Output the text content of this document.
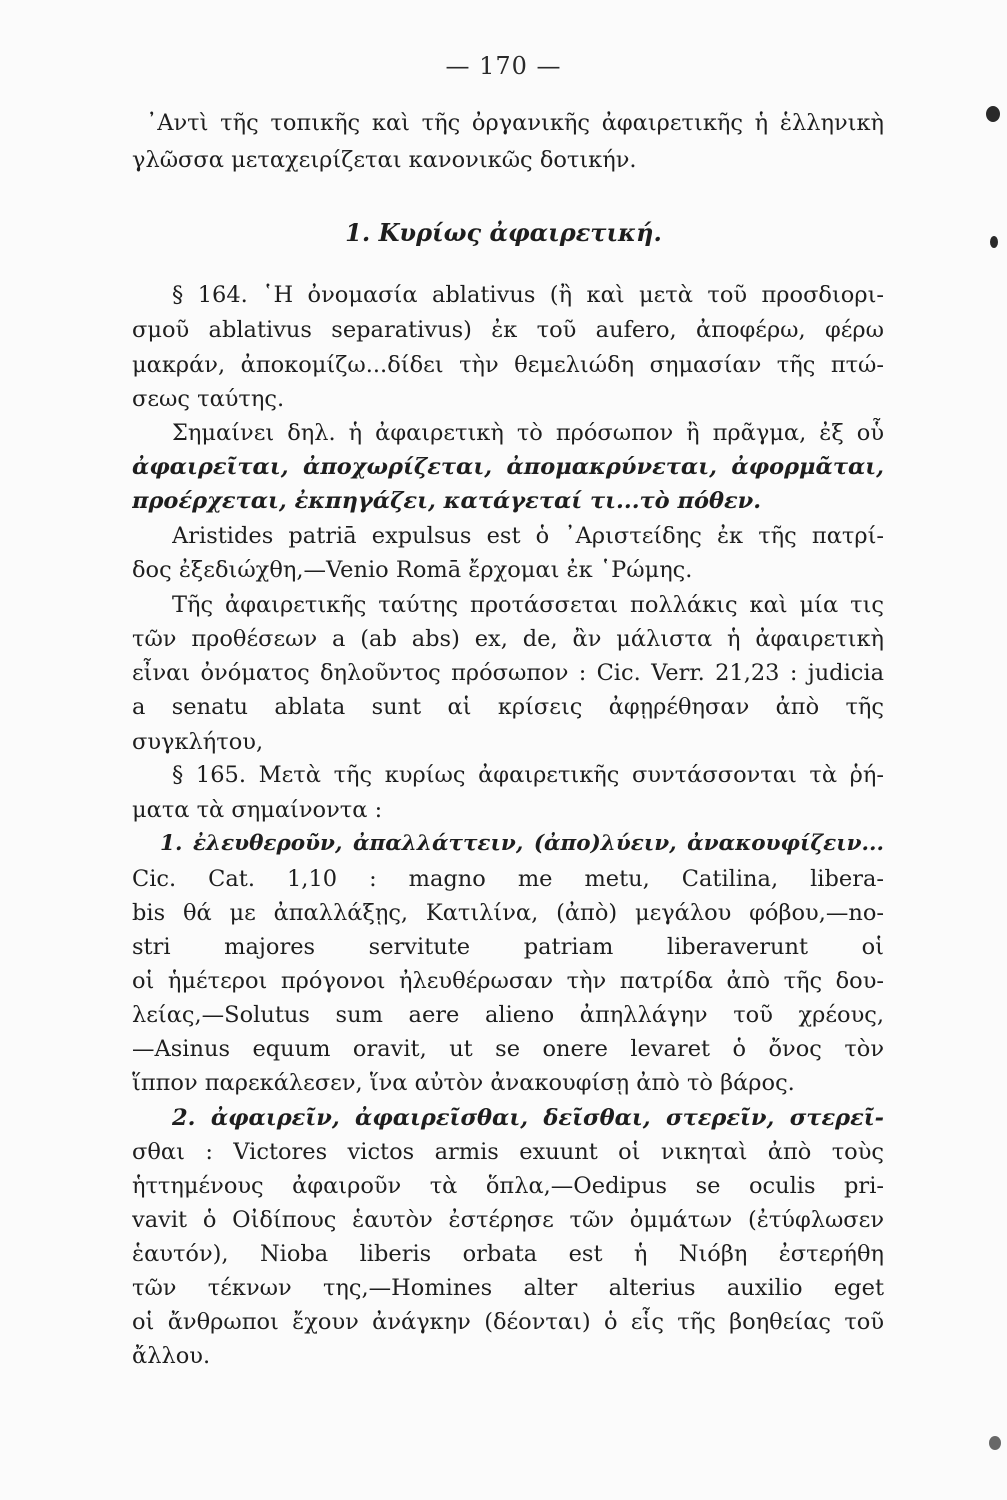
— 170 —
᾿Αντὶ τῆς τοπικῆς καὶ τῆς ὀργανικῆς ἀφαιρετικῆς ἡ ἑλληνικὴ
γλῶσσα μεταχειρίζεται κανονικῶς δοτικήν.
1. Κυρίως ἀφαιρετική.
§ 164. ῾Η ὀνομασία ablativus (ἢ καὶ μετὰ τοῦ προσδιορι-
σμοῦ ablativus separativus) ἐκ τοῦ aufero, ἀποφέρω, φέρω
μακράν, ἀποκομίζω...δίδει τὴν θεμελιώδη σημασίαν τῆς πτώ-
σεως ταύτης.
Σημαίνει δηλ. ἡ ἀφαιρετικὴ τὸ πρόσωπον ἢ πρᾶγμα, ἐξ οὗ
ἀφαιρεῖται, ἀποχωρίζεται, ἀπομακρύνεται, ἀφορμᾶται,
προέρχεται, ἐκπηγάζει, κατάγεταί τι...τὸ πόθεν.
Aristides patriā expulsus est ὁ ᾿Αριστείδης ἐκ τῆς πατρί-
δος ἐξεδιώχθη,—Venio Romā ἔρχομαι ἐκ ῾Ρώμης.
Τῆς ἀφαιρετικῆς ταύτης προτάσσεται πολλάκις καὶ μία τις
τῶν προθέσεων a (ab abs) ex, de, ἂν μάλιστα ἡ ἀφαιρετικὴ
εἶναι ὀνόματος δηλοῦντος πρόσωπον : Cic. Verr. 21,23 : judicia
a senatu ablata sunt αἱ κρίσεις ἀφῃρέθησαν ἀπὸ τῆς
συγκλήτου,
§ 165. Μετὰ τῆς κυρίως ἀφαιρετικῆς συντάσσονται τὰ ῥή-
ματα τὰ σημαίνοντα :
1. ἐλευθεροῦν, ἀπαλλάττειν, (ἀπο)λύειν, ἀνακουφίζειν...
Cic. Cat. 1,10 : magno me metu, Catilina, libera-
bis θά με ἀπαλλάξῃς, Κατιλίνα, (ἀπὸ) μεγάλου φόβου,—no-
stri majores servitute patriam liberaverunt οἱ
οἱ ἡμέτεροι πρόγονοι ἠλευθέρωσαν τὴν πατρίδα ἀπὸ τῆς δου-
λείας,—Solutus sum aere alieno ἀπηλλάγην τοῦ χρέους,
—Asinus equum oravit, ut se onere levaret ὁ ὄνος τὸν
ἵππον παρεκάλεσεν, ἵνα αὐτὸν ἀνακουφίσῃ ἀπὸ τὸ βάρος.
2. ἀφαιρεῖν, ἀφαιρεῖσθαι, δεῖσθαι, στερεῖν, στερεῖ-
σθαι : Victores victos armis exuunt οἱ νικηταὶ ἀπὸ τοὺς
ἡττημένους ἀφαιροῦν τὰ ὅπλα,—Oedipus se oculis pri-
vavit ὁ Οἰδίπους ἑαυτὸν ἐστέρησε τῶν ὀμμάτων (ἐτύφλωσεν
ἑαυτόν), Nioba liberis orbata est ἡ Νιόβη ἐστερήθη
τῶν τέκνων της,—Homines alter alterius auxilio eget
οἱ ἄνθρωποι ἔχουν ἀνάγκην (δέονται) ὁ εἷς τῆς βοηθείας τοῦ
ἄλλου.
